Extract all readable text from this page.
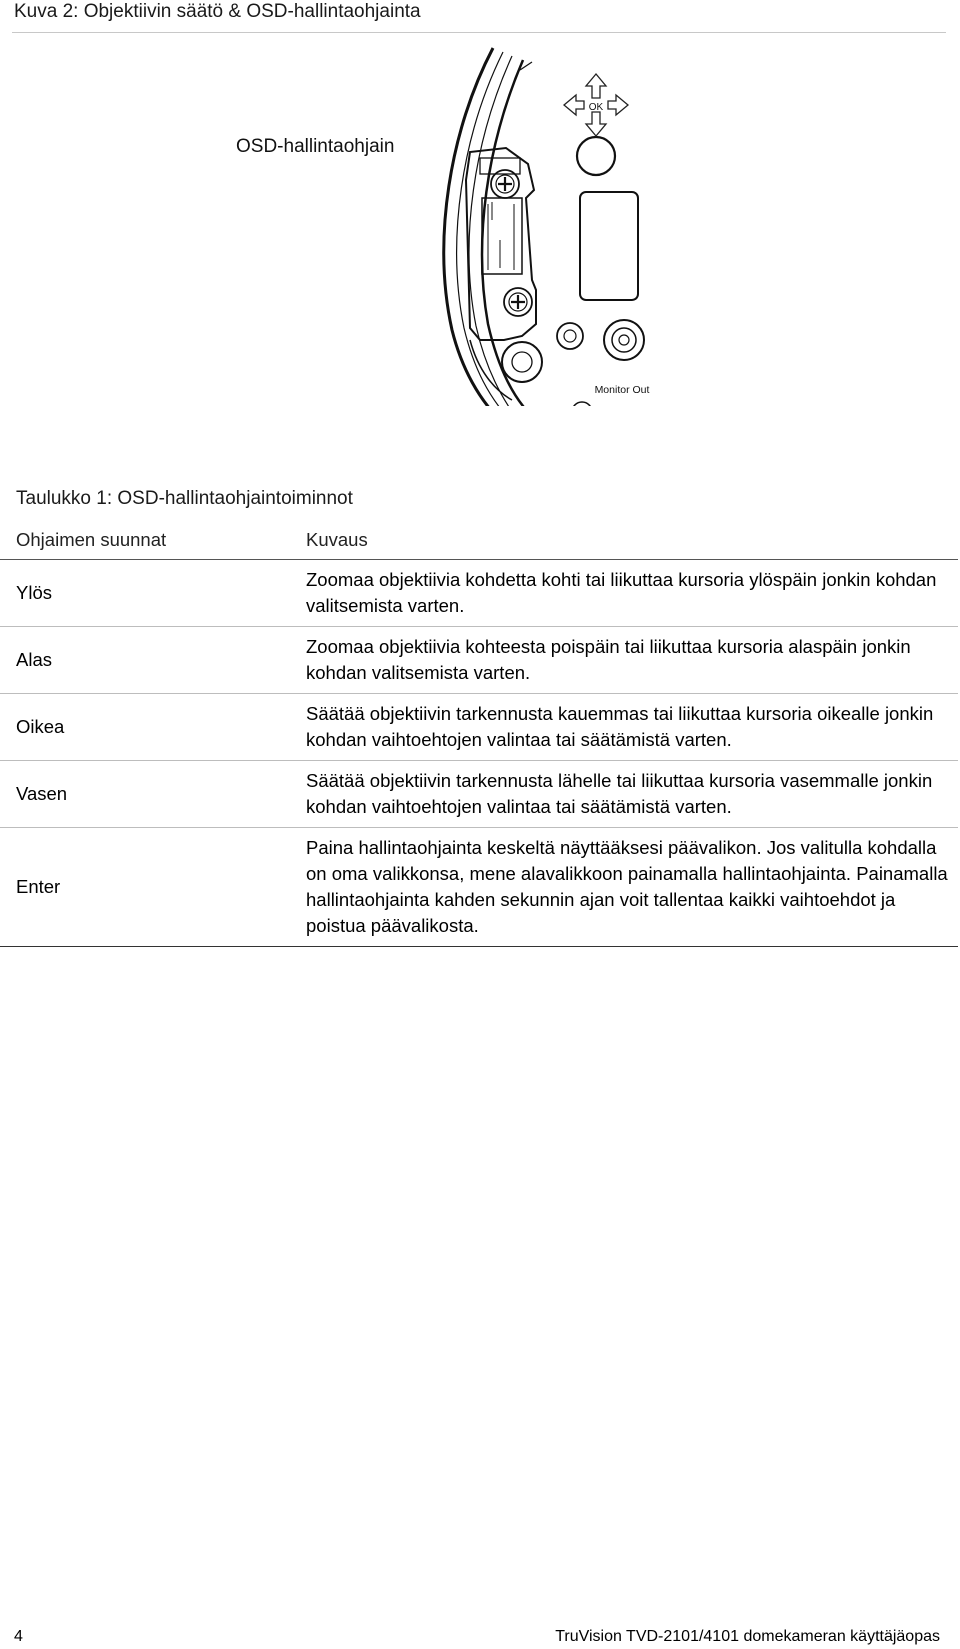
Kuva 2: Objektiivin säätö & OSD-hallintaohjainta
OK
Monitor Out
OSD-hallintaohjain
Taulukko 1: OSD-hallintaohjaintoiminnot
Ohjaimen suunnat	Kuvaus
Ylös	Zoomaa objektiivia kohdetta kohti tai liikuttaa kursoria ylöspäin jonkin kohdan valitsemista varten.
Alas	Zoomaa objektiivia kohteesta poispäin tai liikuttaa kursoria alaspäin jonkin kohdan valitsemista varten.
Oikea	Säätää objektiivin tarkennusta kauemmas tai liikuttaa kursoria oikealle jonkin kohdan vaihtoehtojen valintaa tai säätämistä varten.
Vasen	Säätää objektiivin tarkennusta lähelle tai liikuttaa kursoria vasemmalle jonkin kohdan vaihtoehtojen valintaa tai säätämistä varten.
Enter	Paina hallintaohjainta keskeltä näyttääksesi päävalikon. Jos valitulla kohdalla on oma valikkonsa, mene alavalikkoon painamalla hallintaohjainta. Painamalla hallintaohjainta kahden sekunnin ajan voit tallentaa kaikki vaihtoehdot ja poistua päävalikosta.
4	TruVision TVD-2101/4101 domekameran käyttäjäopas
